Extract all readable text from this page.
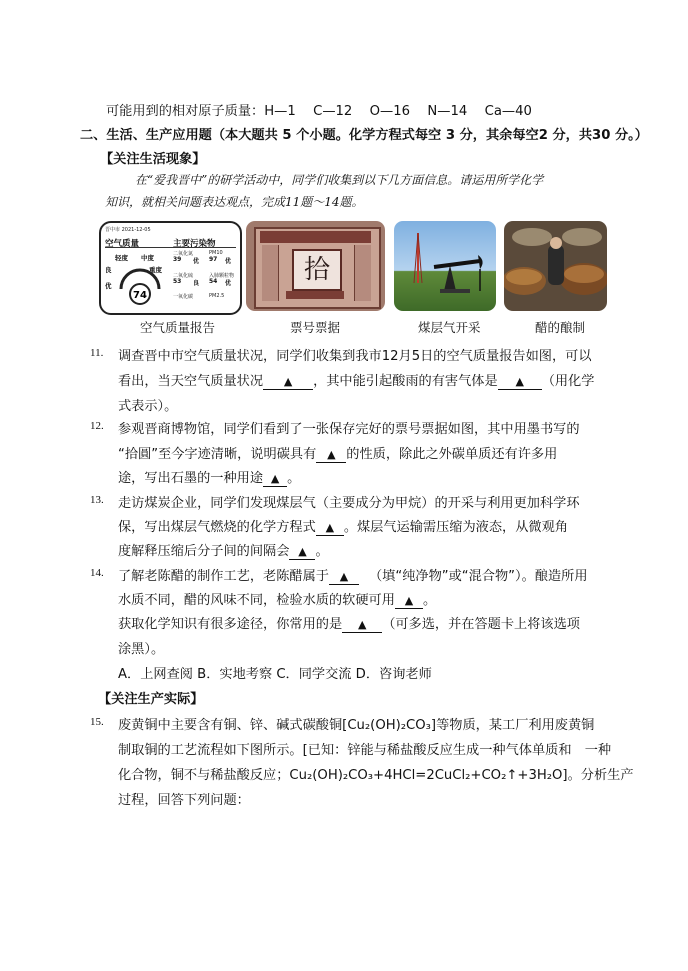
可能用到的相对原子质量：H—1　 C—12　 O—16　 N—14　 Ca—40
二、生活、生产应用题（本大题共 5 个小题。化学方程式每空 3 分，其余每空2 分，共30 分。）
【关注生活现象】
在“爱我晋中”的研学活动中，同学们收集到以下几方面信息。请运用所学化学
知识，就相关问题表达观点，完成11题～14题。
晋中市 2021-12-05
空气质量	主要污染物
轻度 中度
良	重度
优
74
二氧化氮	PM10
39 优 97 优
二氧化硫	入肺颗粒物
53 良 54 优
一氧化碳	PM2.5
拾
空气质量报告	票号票据	煤层气开采	醋的酿制
11. 调查晋中市空气质量状况，同学们收集到我市12月5日的空气质量报告如图，可以
看出，当天空气质量状况 ▲ ，其中能引起酸雨的有害气体是 ▲ （用化学
式表示）。
12. 参观晋商博物馆，同学们看到了一张保存完好的票号票据如图，其中用墨书写的
“拾圓”至今字迹清晰，说明碳具有 ▲ 的性质，除此之外碳单质还有许多用
途，写出石墨的一种用途 ▲ 。
13. 走访煤炭企业，同学们发现煤层气（主要成分为甲烷）的开采与利用更加科学环
保，写出煤层气燃烧的化学方程式 ▲ 。煤层气运输需压缩为液态，从微观角
度解释压缩后分子间的间隔会 ▲ 。
14. 了解老陈醋的制作工艺，老陈醋属于 ▲ （填“纯净物”或“混合物”）。酿造所用
水质不同，醋的风味不同，检验水质的软硬可用 ▲ 。
获取化学知识有很多途径，你常用的是 ▲ （可多选，并在答题卡上将该选项
涂黑）。
A．上网查阅 B．实地考察 C．同学交流 D．咨询老师
【关注生产实际】
15. 废黄铜中主要含有铜、锌、碱式碳酸铜[Cu₂(OH)₂CO₃]等物质，某工厂利用废黄铜
制取铜的工艺流程如下图所示。[已知：锌能与稀盐酸反应生成一种气体单质和　一种
化合物，铜不与稀盐酸反应；Cu₂(OH)₂CO₃+4HCl=2CuCl₂+CO₂↑+3H₂O]。分析生产
过程，回答下列问题：
